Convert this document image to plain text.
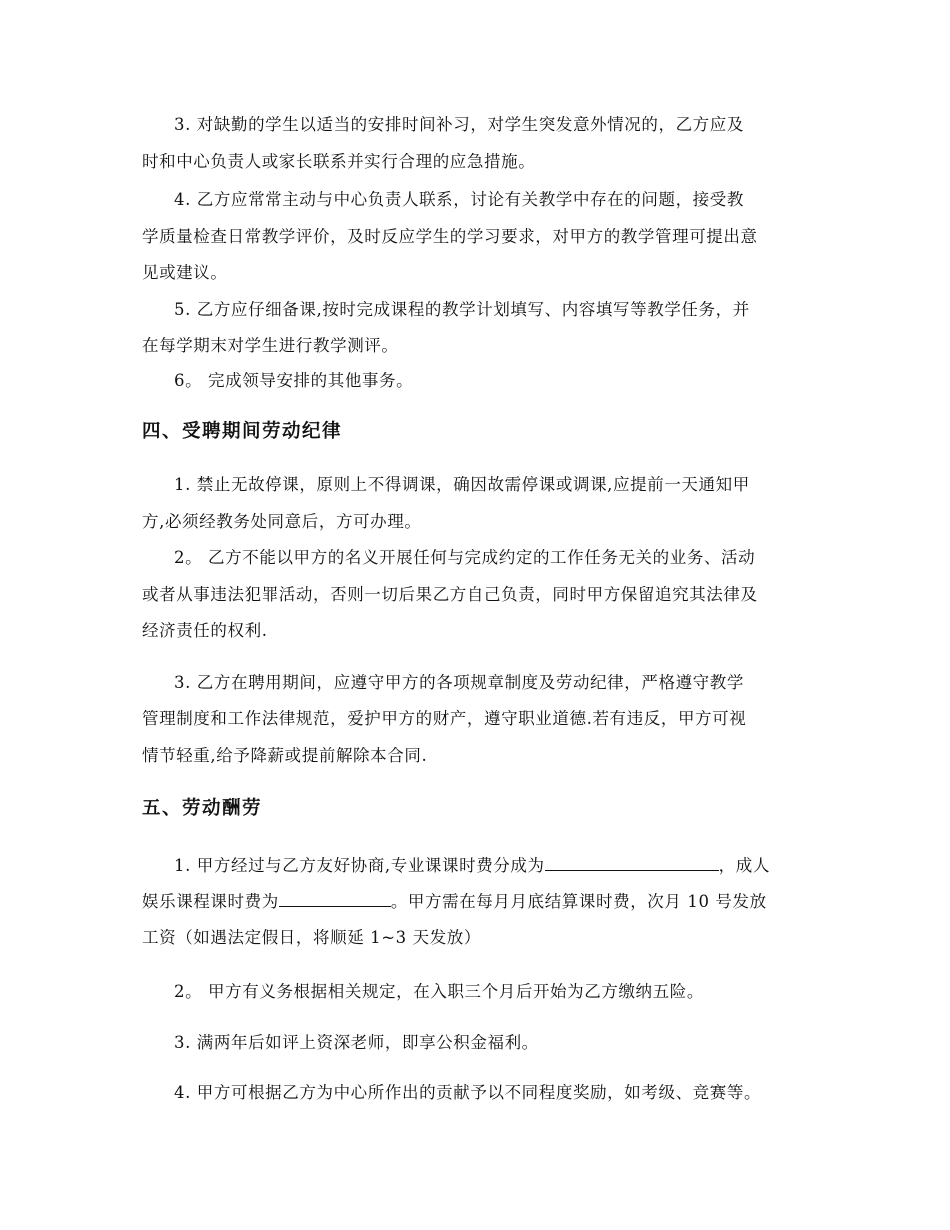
3. 对缺勤的学生以适当的安排时间补习，对学生突发意外情况的，乙方应及
时和中心负责人或家长联系并实行合理的应急措施。
4. 乙方应常常主动与中心负责人联系，讨论有关教学中存在的问题，接受教
学质量检查日常教学评价，及时反应学生的学习要求，对甲方的教学管理可提出意
见或建议。
5. 乙方应仔细备课,按时完成课程的教学计划填写、内容填写等教学任务，并
在每学期末对学生进行教学测评。
6。 完成领导安排的其他事务。
四、受聘期间劳动纪律
1. 禁止无故停课，原则上不得调课，确因故需停课或调课,应提前一天通知甲
方,必须经教务处同意后，方可办理。
2。 乙方不能以甲方的名义开展任何与完成约定的工作任务无关的业务、活动
或者从事违法犯罪活动，否则一切后果乙方自己负责，同时甲方保留追究其法律及
经济责任的权利.
3. 乙方在聘用期间，应遵守甲方的各项规章制度及劳动纪律，严格遵守教学
管理制度和工作法律规范，爱护甲方的财产，遵守职业道德.若有违反，甲方可视
情节轻重,给予降薪或提前解除本合同.
五、劳动酬劳
1. 甲方经过与乙方友好协商,专业课课时费分成为	，成人
娱乐课程课时费为	。甲方需在每月月底结算课时费，次月 10 号发放
工资（如遇法定假日，将顺延 1~3 天发放）
2。 甲方有义务根据相关规定，在入职三个月后开始为乙方缴纳五险。
3. 满两年后如评上资深老师，即享公积金福利。
4. 甲方可根据乙方为中心所作出的贡献予以不同程度奖励，如考级、竞赛等。
